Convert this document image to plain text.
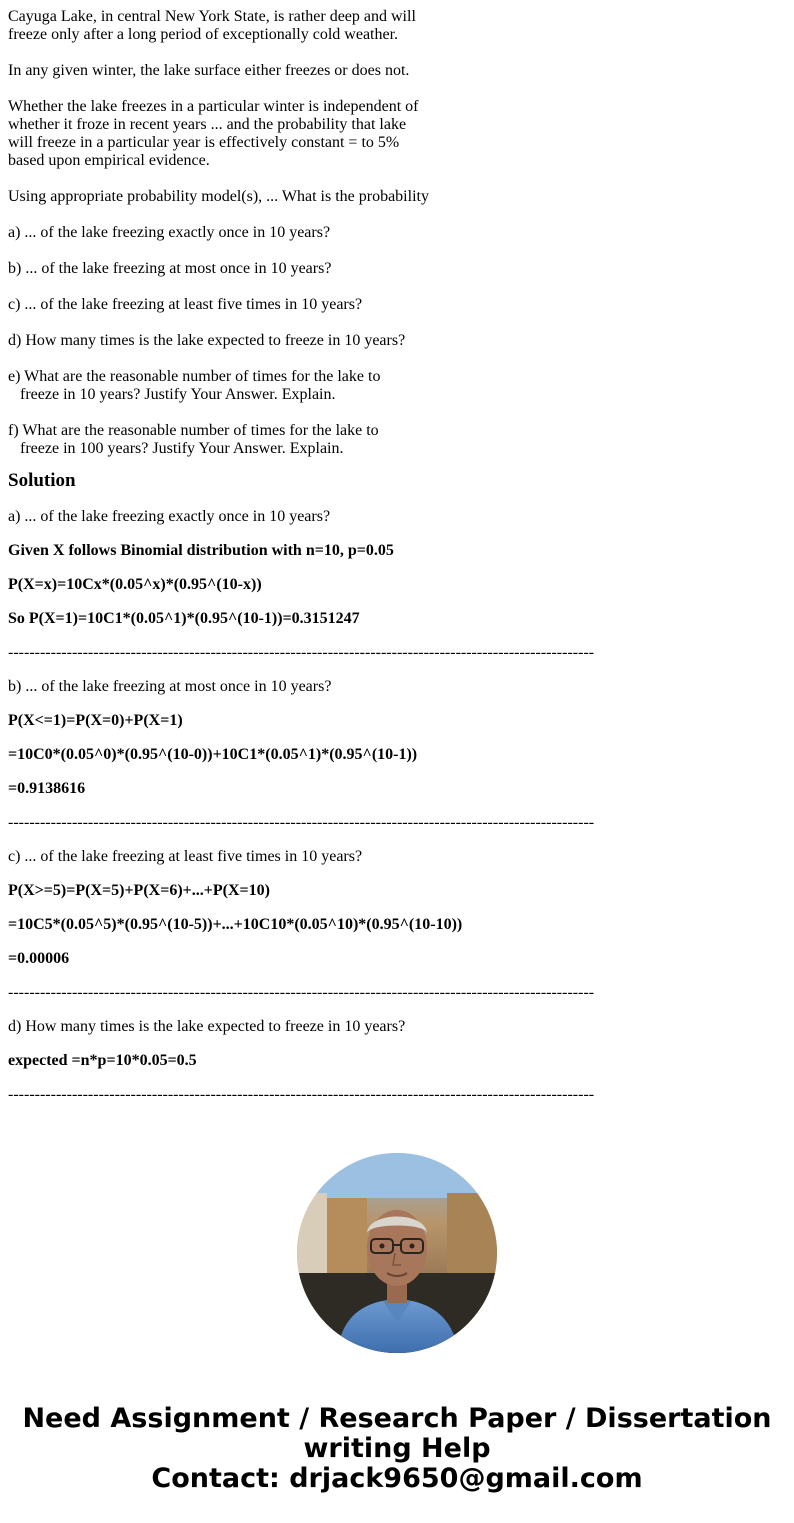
Cayuga Lake, in central New York State, is rather deep and will

freeze only after a long period of exceptionally cold weather.

In any given winter, the lake surface either freezes or does not.

Whether the lake freezes in a particular winter is independent of

whether it froze in recent years ... and the probability that lake

will freeze in a particular year is effectively constant = to 5%

based upon empirical evidence.

Using appropriate probability model(s), ... What is the probability

a) ... of the lake freezing exactly once in 10 years?

b) ... of the lake freezing at most once in 10 years?

c) ... of the lake freezing at least five times in 10 years?

d) How many times is the lake expected to freeze in 10 years?

e) What are the reasonable number of times for the lake to

freeze in 10 years? Justify Your Answer. Explain.

f) What are the reasonable number of times for the lake to

freeze in 100 years? Justify Your Answer. Explain.

Solution

a) ... of the lake freezing exactly once in 10 years?

Given X follows Binomial distribution with n=10, p=0.05

P(X=x)=10Cx*(0.05^x)*(0.95^(10-x))

So P(X=1)=10C1*(0.05^1)*(0.95^(10-1))=0.3151247

--------------------------------------------------------------------------------------------------------------

b) ... of the lake freezing at most once in 10 years?

P(X<=1)=P(X=0)+P(X=1)

=10C0*(0.05^0)*(0.95^(10-0))+10C1*(0.05^1)*(0.95^(10-1))

=0.9138616

--------------------------------------------------------------------------------------------------------------

c) ... of the lake freezing at least five times in 10 years?

P(X>=5)=P(X=5)+P(X=6)+...+P(X=10)

=10C5*(0.05^5)*(0.95^(10-5))+...+10C10*(0.05^10)*(0.95^(10-10))

=0.00006

--------------------------------------------------------------------------------------------------------------

d) How many times is the lake expected to freeze in 10 years?

expected =n*p=10*0.05=0.5

--------------------------------------------------------------------------------------------------------------

Need Assignment / Research Paper / Dissertation
writing Help
Contact: drjack9650@gmail.com
